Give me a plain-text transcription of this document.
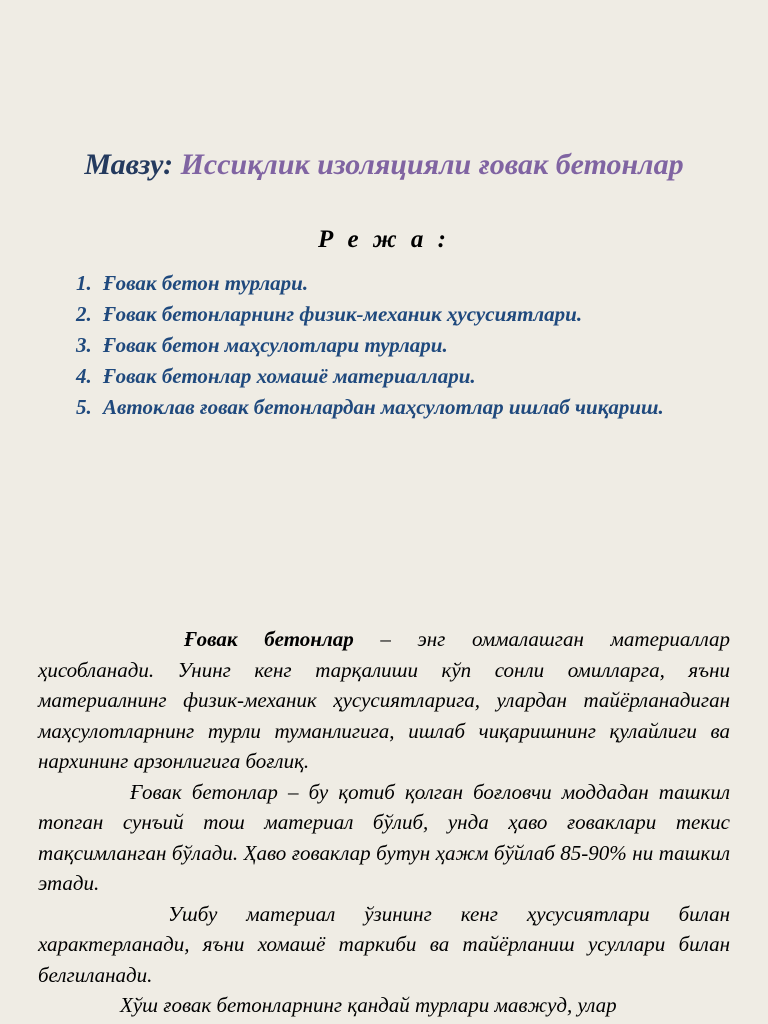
Мавзу: Иссиқлик изоляцияли ғовак бетонлар
Р е ж а :
1. Ғовак бетон турлари.
2. Ғовак бетонларнинг физик-механик ҳусусиятлари.
3. Ғовак бетон маҳсулотлари турлари.
4. Ғовак бетонлар хомашё материаллари.
5. Автоклав ғовак бетонлардан маҳсулотлар ишлаб чиқариш.

Ғовак бетонлар – энг оммалашган материаллар ҳисобланади. Унинг кенг тарқалиши кўп сонли омилларга, яъни материалнинг физик-механик ҳусусиятларига, улардан тайёрланадиган маҳсулотларнинг турли туманлигига, ишлаб чиқаришнинг қулайлиги ва нархининг арзонлигига боғлиқ.

Ғовак бетонлар – бу қотиб қолган боғловчи моддадан ташкил топган сунъий тош материал бўлиб, унда ҳаво ғоваклари текис тақсимланган бўлади. Ҳаво ғоваклар бутун ҳажм бўйлаб 85-90% ни ташкил этади.

Ушбу материал ўзининг кенг ҳусусиятлари билан характерланади, яъни хомашё таркиби ва тайёрланиш усуллари билан белгиланади.

Хўш ғовак бетонларнинг қандай турлари мавжуд, улар
